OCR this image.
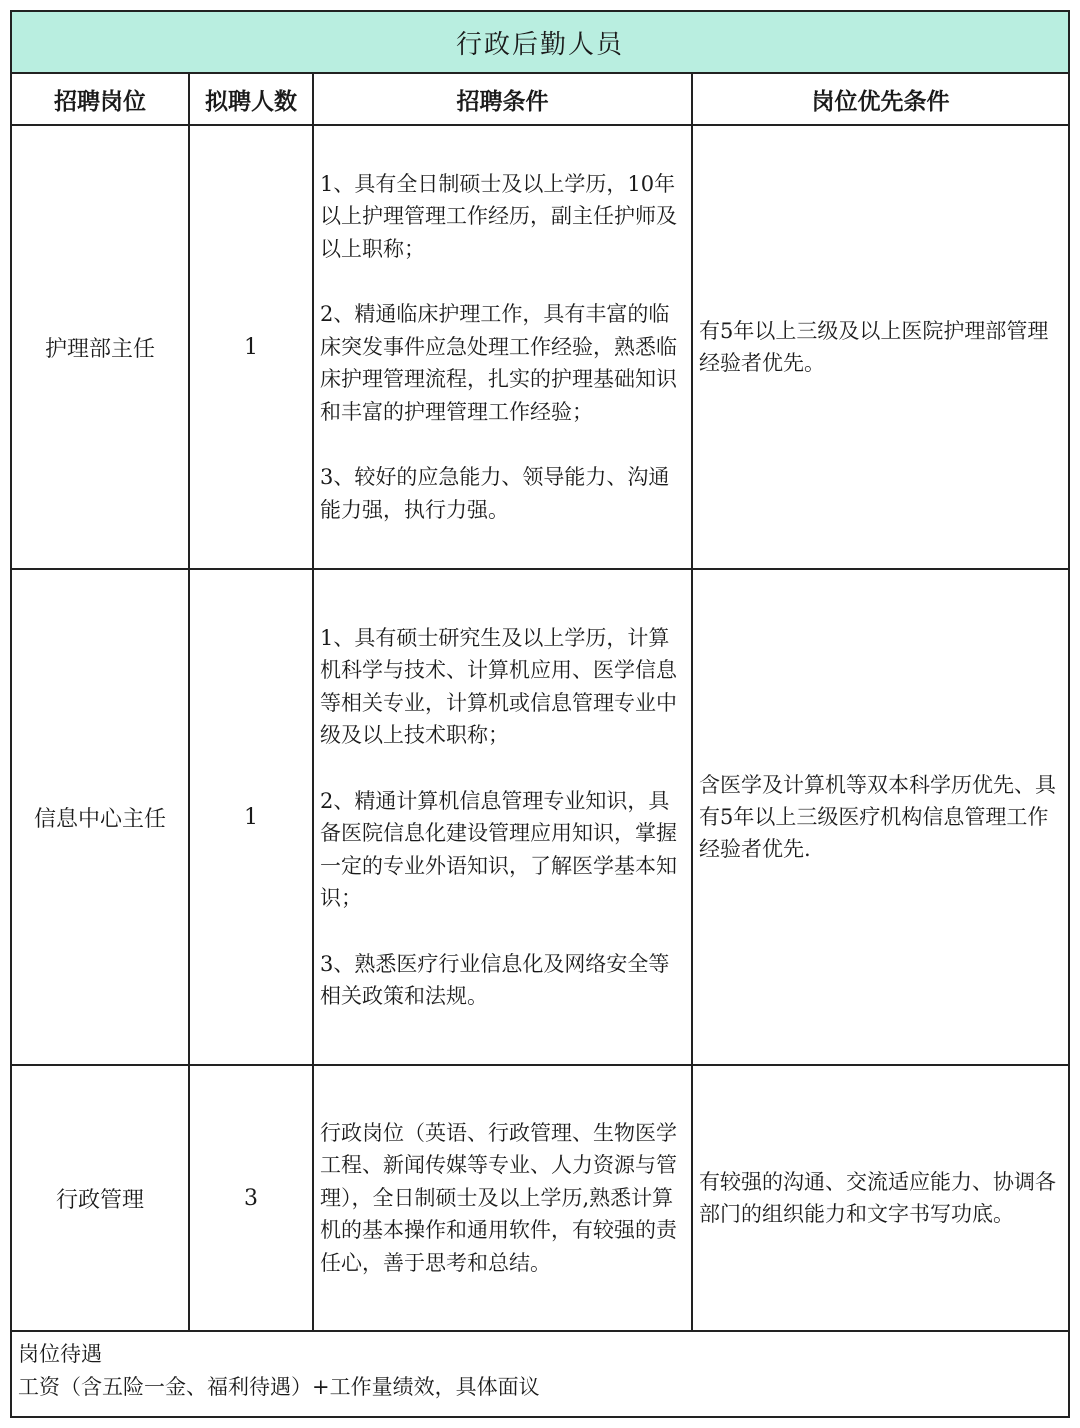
行政后勤人员
招聘岗位	拟聘人数	招聘条件	岗位优先条件
护理部主任	1	1、具有全日制硕士及以上学历，10年以上护理管理工作经历，副主任护师及以上职称；

2、精通临床护理工作，具有丰富的临床突发事件应急处理工作经验，熟悉临床护理管理流程，扎实的护理基础知识和丰富的护理管理工作经验；

3、较好的应急能力、领导能力、沟通能力强，执行力强。	有5年以上三级及以上医院护理部管理经验者优先。
信息中心主任	1	1、具有硕士研究生及以上学历，计算机科学与技术、计算机应用、医学信息等相关专业，计算机或信息管理专业中级及以上技术职称；

2、精通计算机信息管理专业知识，具备医院信息化建设管理应用知识，掌握一定的专业外语知识，了解医学基本知识；

3、熟悉医疗行业信息化及网络安全等相关政策和法规。	含医学及计算机等双本科学历优先、具有5年以上三级医疗机构信息管理工作经验者优先.
行政管理	3	行政岗位（英语、行政管理、生物医学工程、新闻传媒等专业、人力资源与管理），全日制硕士及以上学历,熟悉计算机的基本操作和通用软件，有较强的责任心，善于思考和总结。	有较强的沟通、交流适应能力、协调各部门的组织能力和文字书写功底。
岗位待遇
工资（含五险一金、福利待遇）+工作量绩效，具体面议
